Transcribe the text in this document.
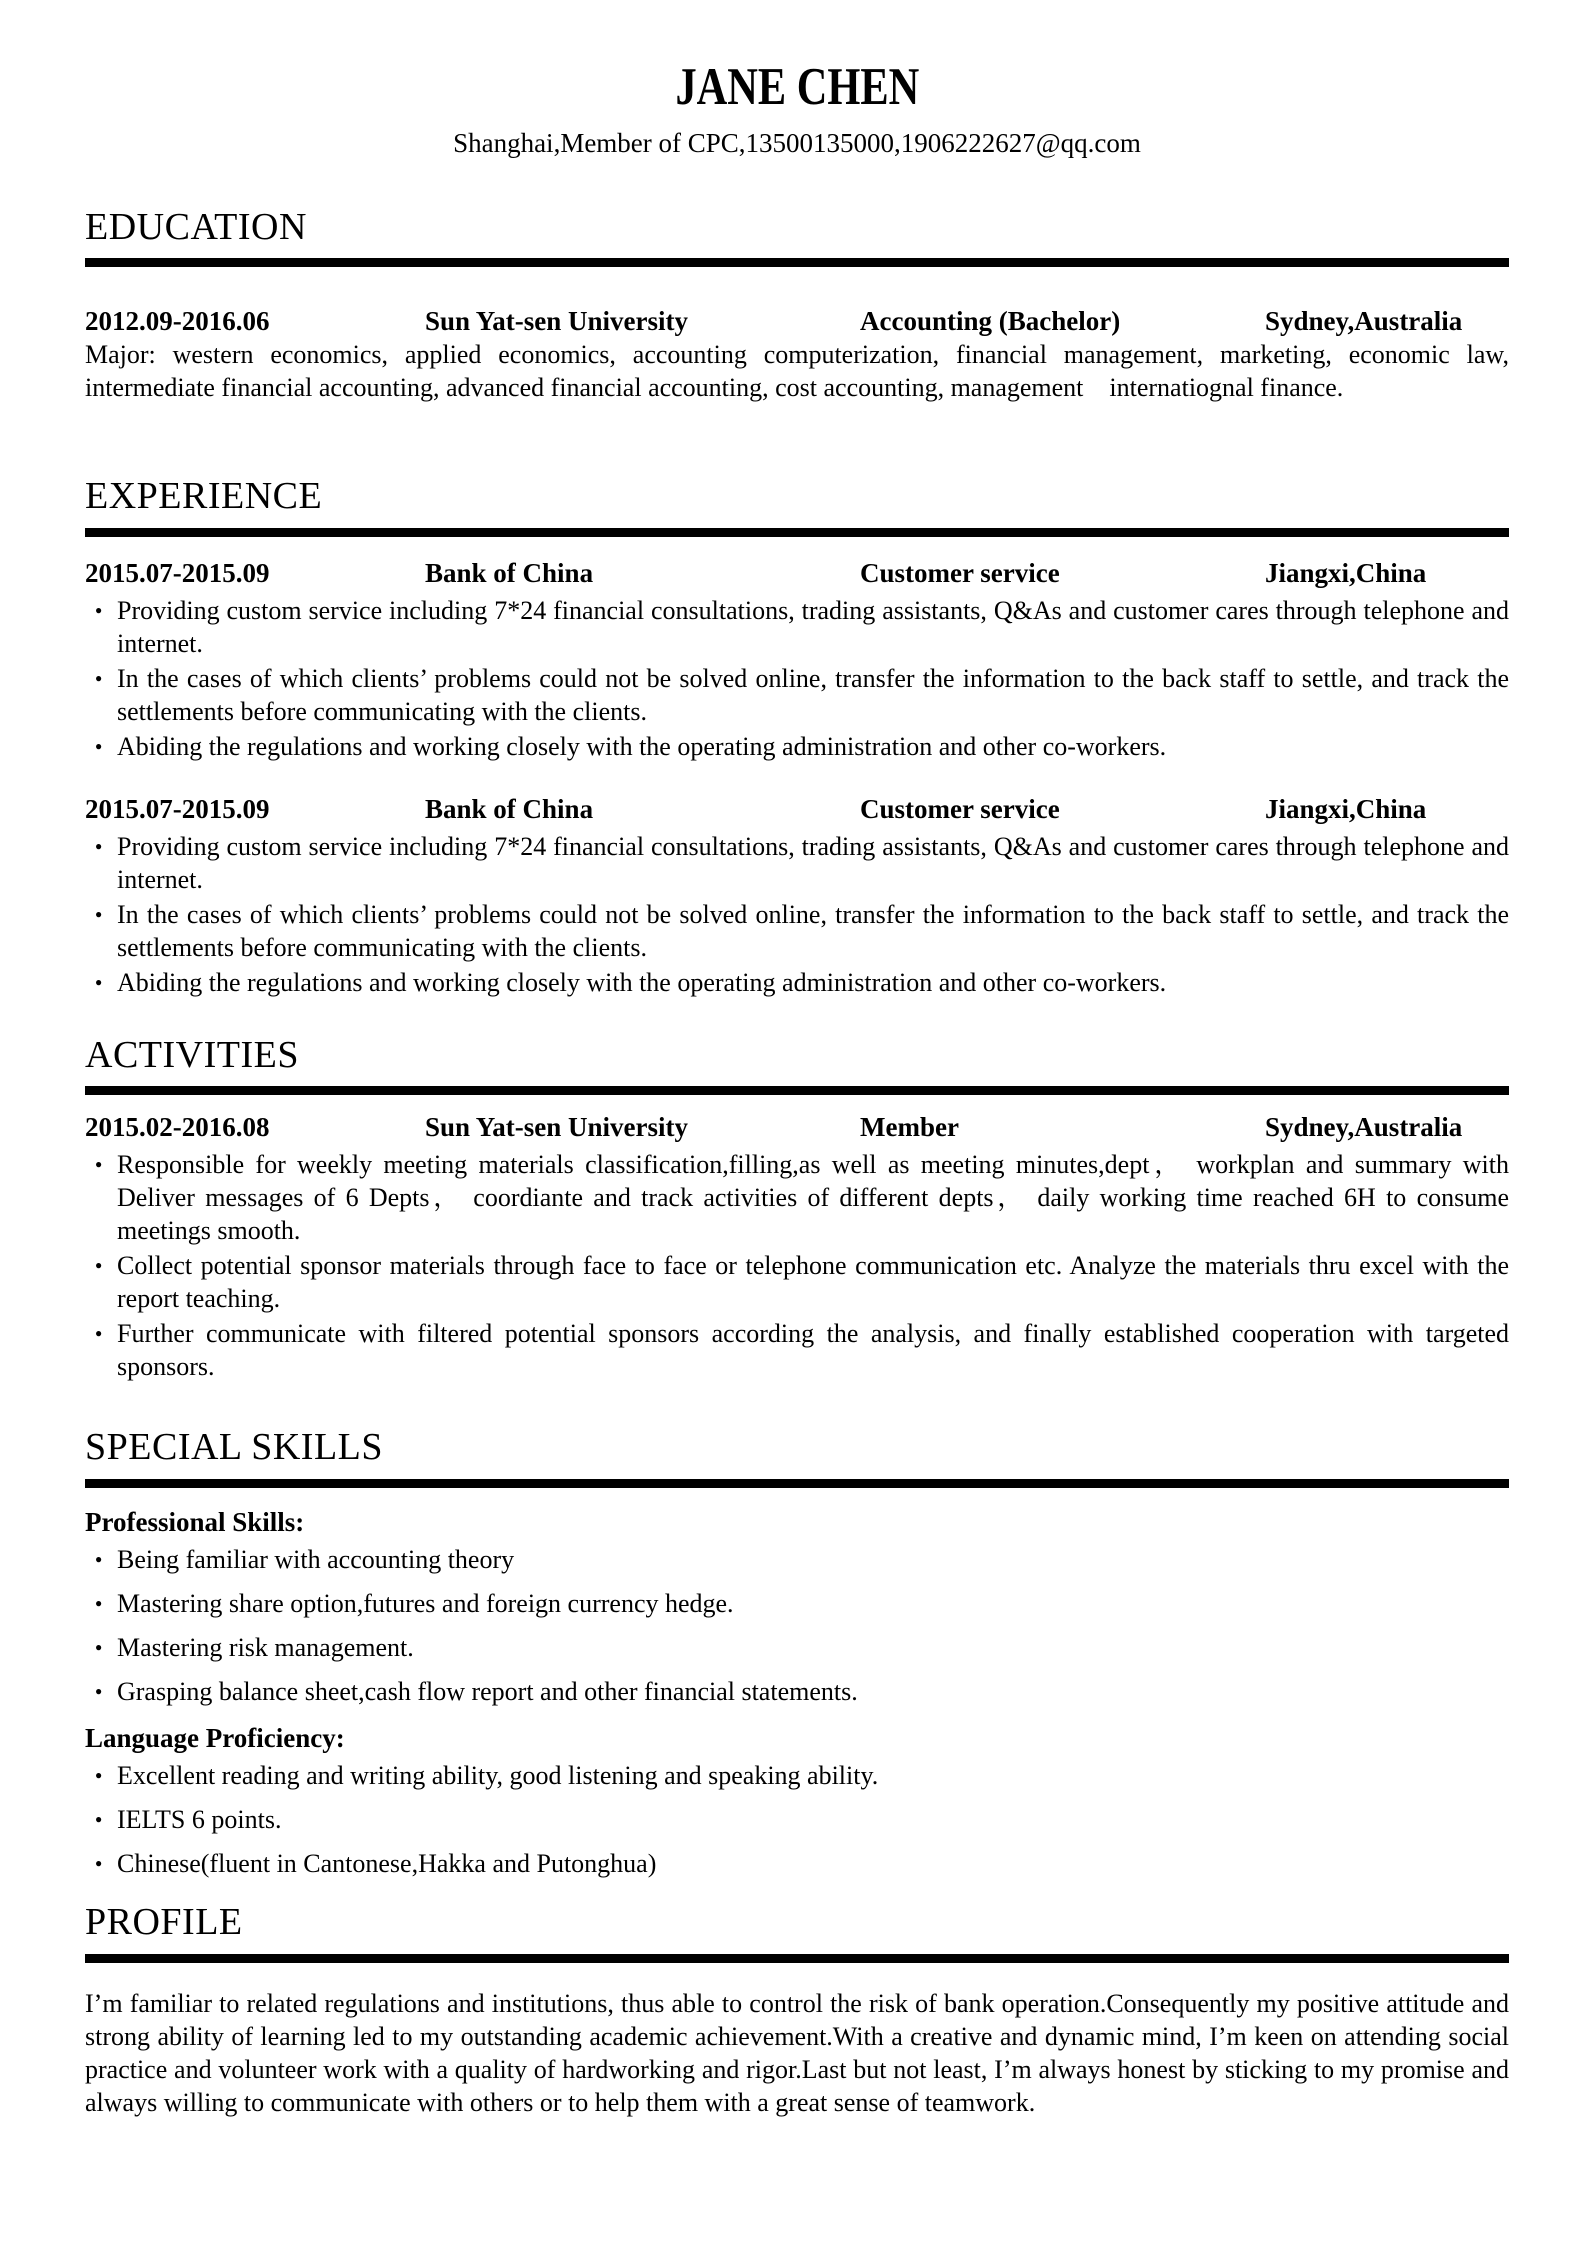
JANE CHEN
Shanghai,Member of CPC,13500135000,1906222627@qq.com
EDUCATION
2012.09-2016.06	Sun Yat-sen University	Accounting (Bachelor)	Sydney,Australia

Major: western economics, applied economics, accounting computerization, financial management, marketing, economic law, intermediate financial accounting, advanced financial accounting, cost accounting, management  internatiognal finance.

EXPERIENCE
2015.07-2015.09	Bank of China	Customer service	Jiangxi,China
● Providing custom service including 7*24 financial consultations, trading assistants, Q&As and customer cares through telephone and internet.
● In the cases of which clients’ problems could not be solved online, transfer the information to the back staff to settle, and track the settlements before communicating with the clients.
● Abiding the regulations and working closely with the operating administration and other co-workers.
2015.07-2015.09	Bank of China	Customer service	Jiangxi,China
● Providing custom service including 7*24 financial consultations, trading assistants, Q&As and customer cares through telephone and internet.
● In the cases of which clients’ problems could not be solved online, transfer the information to the back staff to settle, and track the settlements before communicating with the clients.
● Abiding the regulations and working closely with the operating administration and other co-workers.
ACTIVITIES
2015.02-2016.08	Sun Yat-sen University	Member	Sydney,Australia
● Responsible for weekly meeting materials classification,filling,as well as meeting minutes,dept， workplan and summary with Deliver messages of 6 Depts， coordiante and track activities of different depts， daily working time reached 6H to consume meetings smooth.
● Collect potential sponsor materials through face to face or telephone communication etc. Analyze the materials thru excel with the report teaching.
● Further communicate with filtered potential sponsors according the analysis, and finally established cooperation with targeted sponsors.
SPECIAL SKILLS
Professional Skills:
● Being familiar with accounting theory
● Mastering share option,futures and foreign currency hedge.
● Mastering risk management.
● Grasping balance sheet,cash flow report and other financial statements.
Language Proficiency:
● Excellent reading and writing ability, good listening and speaking ability.
● IELTS 6 points.
● Chinese(fluent in Cantonese,Hakka and Putonghua)
PROFILE

I’m familiar to related regulations and institutions, thus able to control the risk of bank operation.Consequently my positive attitude and strong ability of learning led to my outstanding academic achievement.With a creative and dynamic mind, I’m keen on attending social practice and volunteer work with a quality of hardworking and rigor.Last but not least, I’m always honest by sticking to my promise and always willing to communicate with others or to help them with a great sense of teamwork.
